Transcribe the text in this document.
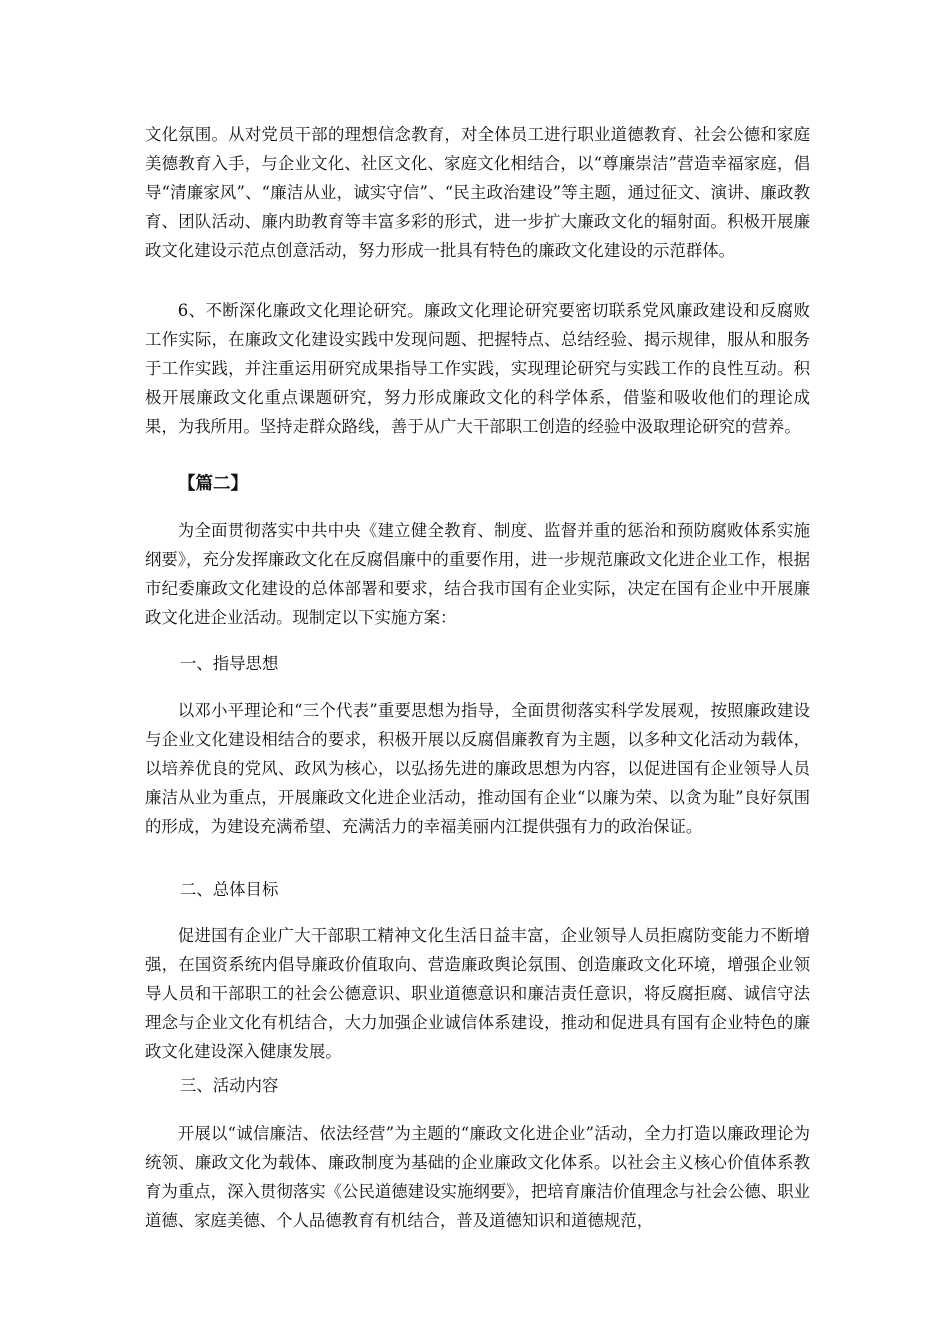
文化氛围。从对党员干部的理想信念教育，对全体员工进行职业道德教育、社会公德和家庭美德教育入手，与企业文化、社区文化、家庭文化相结合，以“尊廉崇洁”营造幸福家庭，倡导“清廉家风”、“廉洁从业，诚实守信”、“民主政治建设”等主题，通过征文、演讲、廉政教育、团队活动、廉内助教育等丰富多彩的形式，进一步扩大廉政文化的辐射面。积极开展廉政文化建设示范点创意活动，努力形成一批具有特色的廉政文化建设的示范群体。
6、不断深化廉政文化理论研究。廉政文化理论研究要密切联系党风廉政建设和反腐败工作实际，在廉政文化建设实践中发现问题、把握特点、总结经验、揭示规律，服从和服务于工作实践，并注重运用研究成果指导工作实践，实现理论研究与实践工作的良性互动。积极开展廉政文化重点课题研究，努力形成廉政文化的科学体系，借鉴和吸收他们的理论成果，为我所用。坚持走群众路线，善于从广大干部职工创造的经验中汲取理论研究的营养。
【篇二】
为全面贯彻落实中共中央《建立健全教育、制度、监督并重的惩治和预防腐败体系实施纲要》，充分发挥廉政文化在反腐倡廉中的重要作用，进一步规范廉政文化进企业工作，根据市纪委廉政文化建设的总体部署和要求，结合我市国有企业实际，决定在国有企业中开展廉政文化进企业活动。现制定以下实施方案：
一、指导思想
以邓小平理论和“三个代表”重要思想为指导，全面贯彻落实科学发展观，按照廉政建设与企业文化建设相结合的要求，积极开展以反腐倡廉教育为主题，以多种文化活动为载体，以培养优良的党风、政风为核心，以弘扬先进的廉政思想为内容，以促进国有企业领导人员廉洁从业为重点，开展廉政文化进企业活动，推动国有企业“以廉为荣、以贪为耻”良好氛围的形成，为建设充满希望、充满活力的幸福美丽内江提供强有力的政治保证。
二、总体目标
促进国有企业广大干部职工精神文化生活日益丰富，企业领导人员拒腐防变能力不断增强，在国资系统内倡导廉政价值取向、营造廉政舆论氛围、创造廉政文化环境，增强企业领导人员和干部职工的社会公德意识、职业道德意识和廉洁责任意识，将反腐拒腐、诚信守法理念与企业文化有机结合，大力加强企业诚信体系建设，推动和促进具有国有企业特色的廉政文化建设深入健康发展。
三、活动内容
开展以“诚信廉洁、依法经营”为主题的“廉政文化进企业”活动，全力打造以廉政理论为统领、廉政文化为载体、廉政制度为基础的企业廉政文化体系。以社会主义核心价值体系教育为重点，深入贯彻落实《公民道德建设实施纲要》，把培育廉洁价值理念与社会公德、职业道德、家庭美德、个人品德教育有机结合，普及道德知识和道德规范，
